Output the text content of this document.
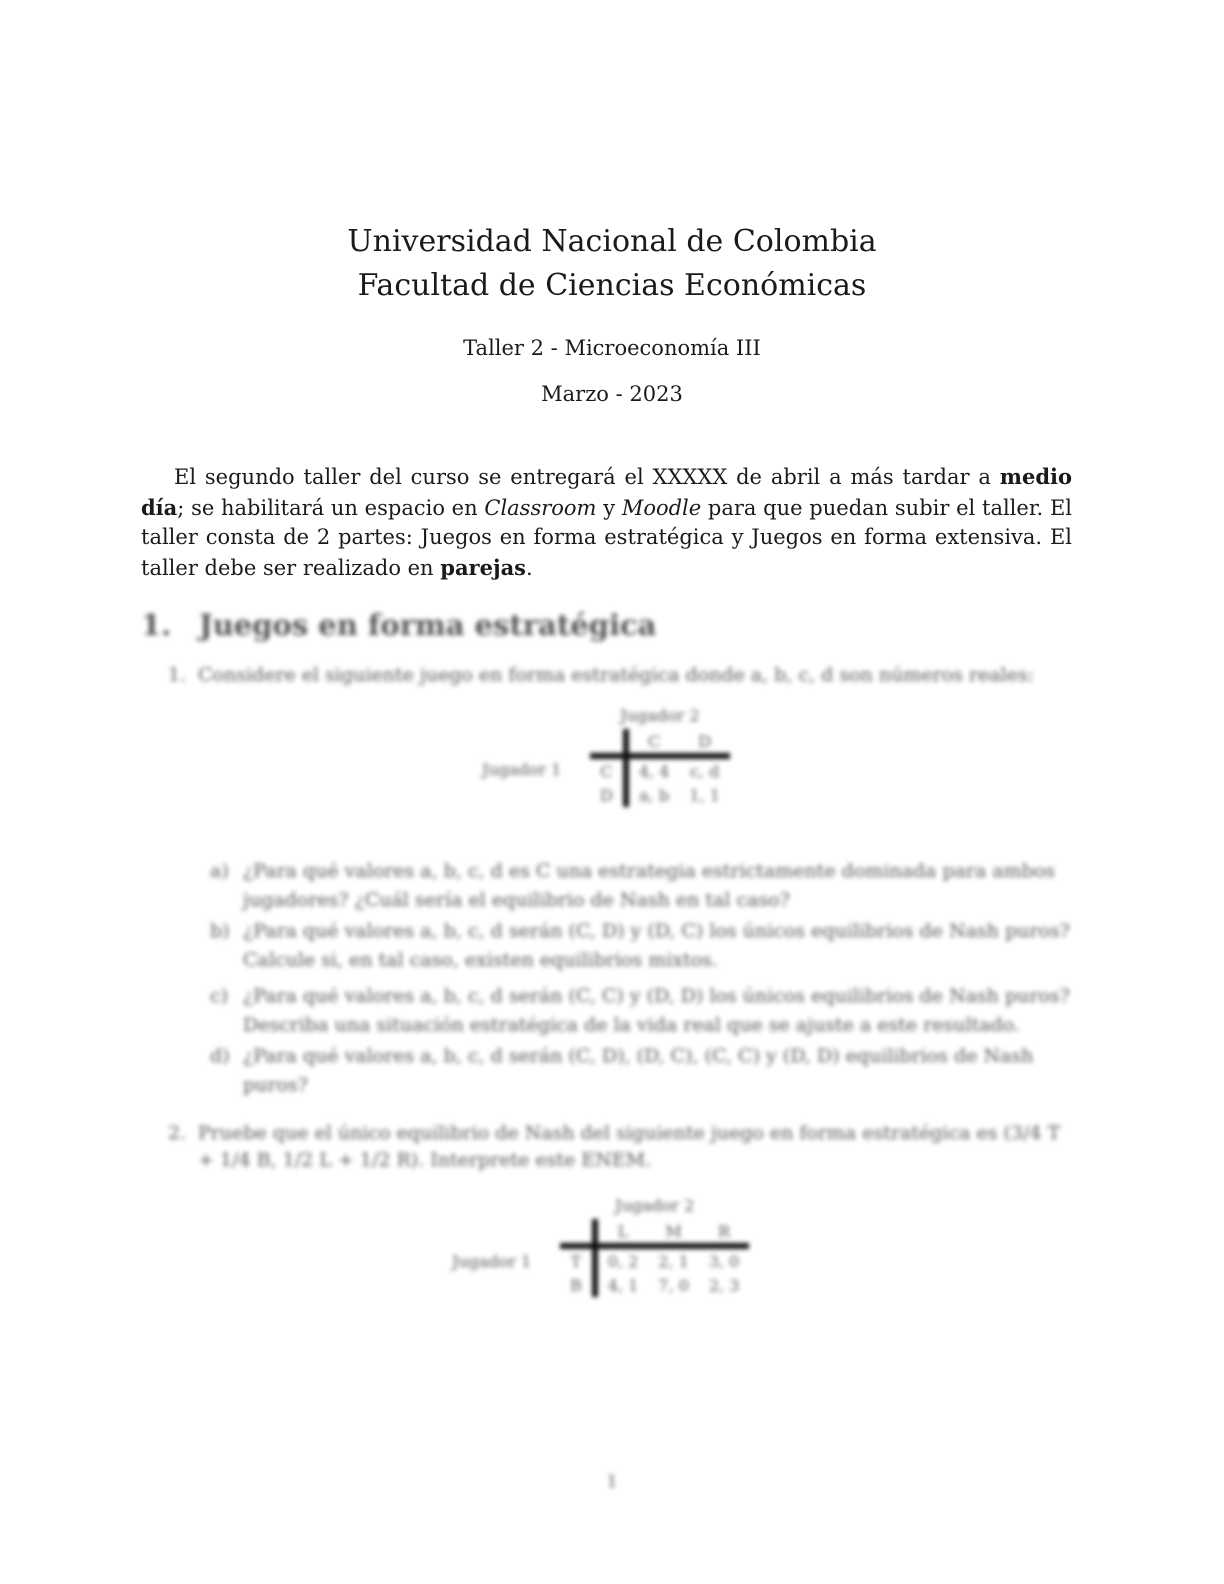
Universidad Nacional de Colombia
Facultad de Ciencias Económicas
Taller 2 - Microeconomía III
Marzo - 2023

El segundo taller del curso se entregará el XXXXX de abril a más tardar a medio día; se habilitará un espacio en Classroom y Moodle para que puedan subir el taller. El taller consta de 2 partes: Juegos en forma estratégica y Juegos en forma extensiva. El taller debe ser realizado en parejas.

1. Juegos en forma estratégica
1. Considere el siguiente juego en forma estratégica donde a, b, c, d son números reales:
Jugador 2
	C	D
C	4, 4	c, d
D	a, b	1, 1
Jugador 1
a) ¿Para qué valores a, b, c, d es C una estrategia estrictamente dominada para ambos jugadores? ¿Cuál sería el equilibrio de Nash en tal caso?
b) ¿Para qué valores a, b, c, d serán (C, D) y (D, C) los únicos equilibrios de Nash puros? Calcule si, en tal caso, existen equilibrios mixtos.
c) ¿Para qué valores a, b, c, d serán (C, C) y (D, D) los únicos equilibrios de Nash puros? Describa una situación estratégica de la vida real que se ajuste a este resultado.
d) ¿Para qué valores a, b, c, d serán (C, D), (D, C), (C, C) y (D, D) equilibrios de Nash puros?
2. Pruebe que el único equilibrio de Nash del siguiente juego en forma estratégica es (3/4 T + 1/4 B, 1/2 L + 1/2 R). Interprete este ENEM.
Jugador 2
	L	M	R
T	0, 2	2, 1	3, 0
B	4, 1	7, 0	2, 3
Jugador 1
1
